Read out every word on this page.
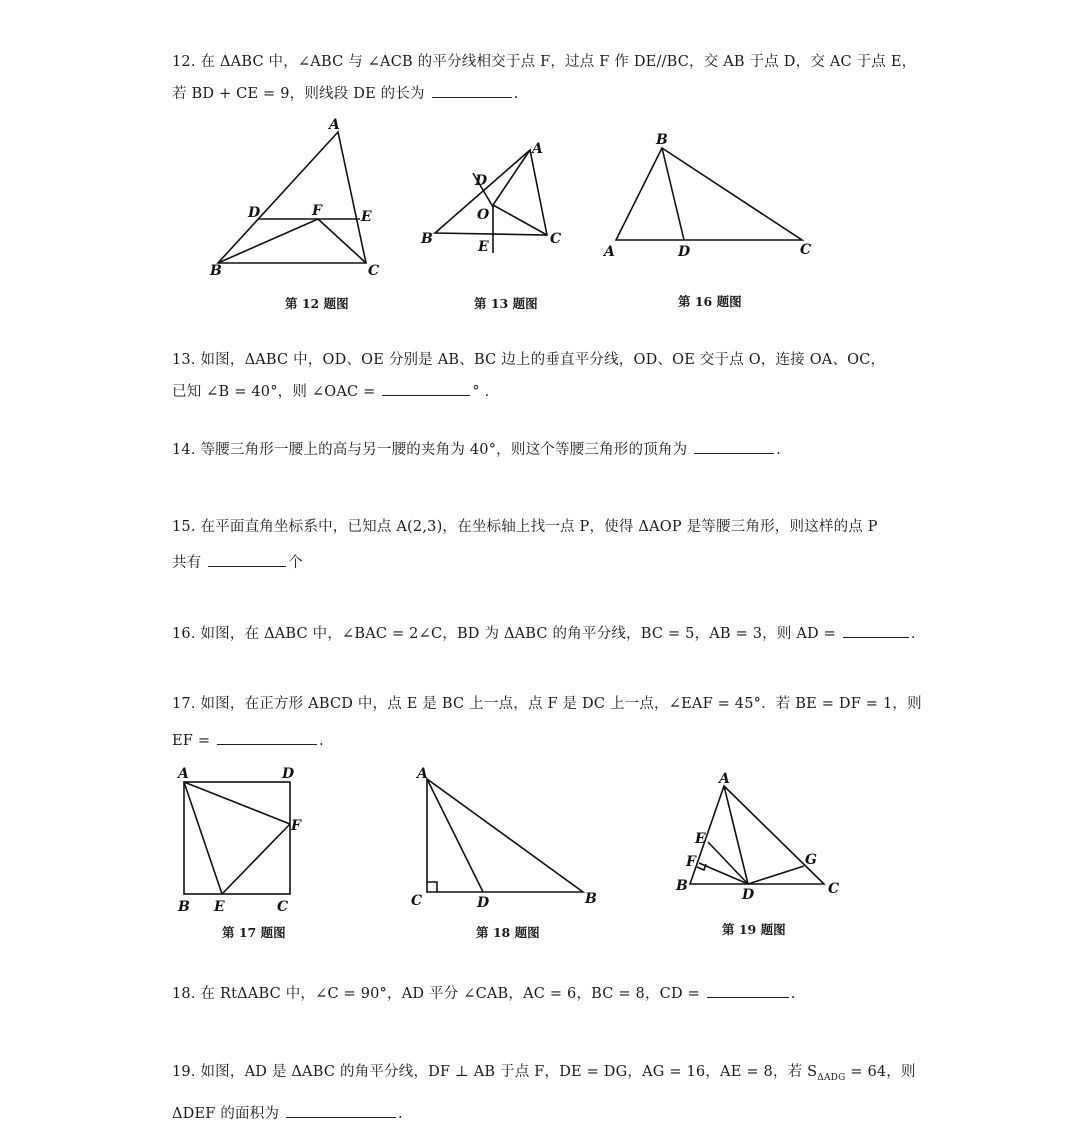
12. 在 ΔABC 中，∠ABC 与 ∠ACB 的平分线相交于点 F，过点 F 作 DE//BC，交 AB 于点 D，交 AC 于点 E，
若 BD + CE = 9，则线段 DE 的长为	.
A
B	C
D	F	E
第 12 题图
A
B	C
D
O
E
第 13 题图
B
A	C
D
第 16 题图
13. 如图，ΔABC 中，OD、OE 分别是 AB、BC 边上的垂直平分线，OD、OE 交于点 O，连接 OA、OC，
已知 ∠B = 40°，则 ∠OAC =	° .
14. 等腰三角形一腰上的高与另一腰的夹角为 40°，则这个等腰三角形的顶角为	.
15. 在平面直角坐标系中，已知点 A(2,3)，在坐标轴上找一点 P，使得 ΔAOP 是等腰三角形，则这样的点 P
共有	个
16. 如图，在 ΔABC 中，∠BAC = 2∠C，BD 为 ΔABC 的角平分线，BC = 5，AB = 3，则 AD =	.
17. 如图，在正方形 ABCD 中，点 E 是 BC 上一点，点 F 是 DC 上一点，∠EAF = 45°．若 BE = DF = 1，则
EF =	.
A	D
B E	C
F
第 17 题图
A
C	D	B
第 18 题图
A
E
F
B
D
G
C
第 19 题图
18. 在 RtΔABC 中，∠C = 90°，AD 平分 ∠CAB，AC = 6，BC = 8，CD =	.
19. 如图，AD 是 ΔABC 的角平分线，DF ⊥ AB 于点 F，DE = DG，AG = 16，AE = 8，若 $S_{\Delta ADG} = 64$，则
ΔDEF 的面积为	.
